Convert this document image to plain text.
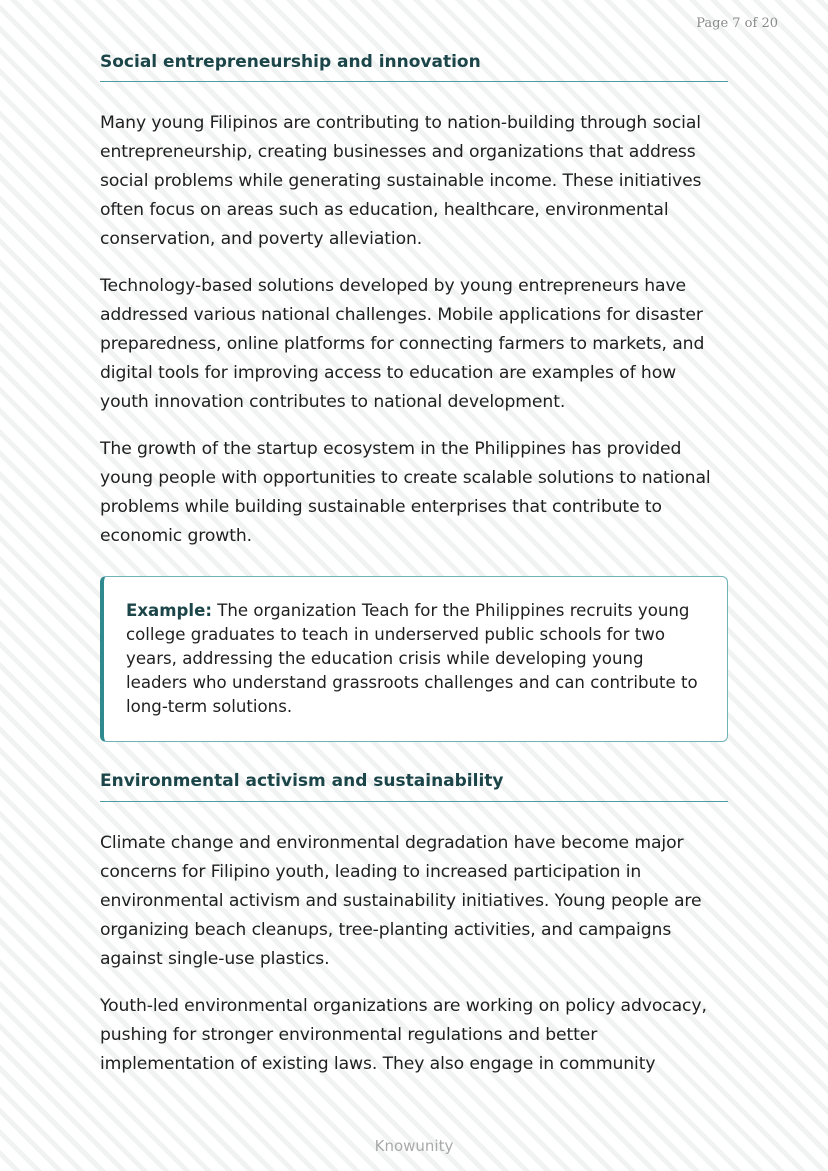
Page 7 of 20
Social entrepreneurship and innovation

Many young Filipinos are contributing to nation-building through social entrepreneurship, creating businesses and organizations that address social problems while generating sustainable income. These initiatives often focus on areas such as education, healthcare, environmental conservation, and poverty alleviation.

Technology-based solutions developed by young entrepreneurs have addressed various national challenges. Mobile applications for disaster preparedness, online platforms for connecting farmers to markets, and digital tools for improving access to education are examples of how youth innovation contributes to national development.

The growth of the startup ecosystem in the Philippines has provided young people with opportunities to create scalable solutions to national problems while building sustainable enterprises that contribute to economic growth.

Example: The organization Teach for the Philippines recruits young college graduates to teach in underserved public schools for two years, addressing the education crisis while developing young leaders who understand grassroots challenges and can contribute to long-term solutions.

Environmental activism and sustainability

Climate change and environmental degradation have become major concerns for Filipino youth, leading to increased participation in environmental activism and sustainability initiatives. Young people are organizing beach cleanups, tree-planting activities, and campaigns against single-use plastics.

Youth-led environmental organizations are working on policy advocacy, pushing for stronger environmental regulations and better implementation of existing laws. They also engage in community

Knowunity
